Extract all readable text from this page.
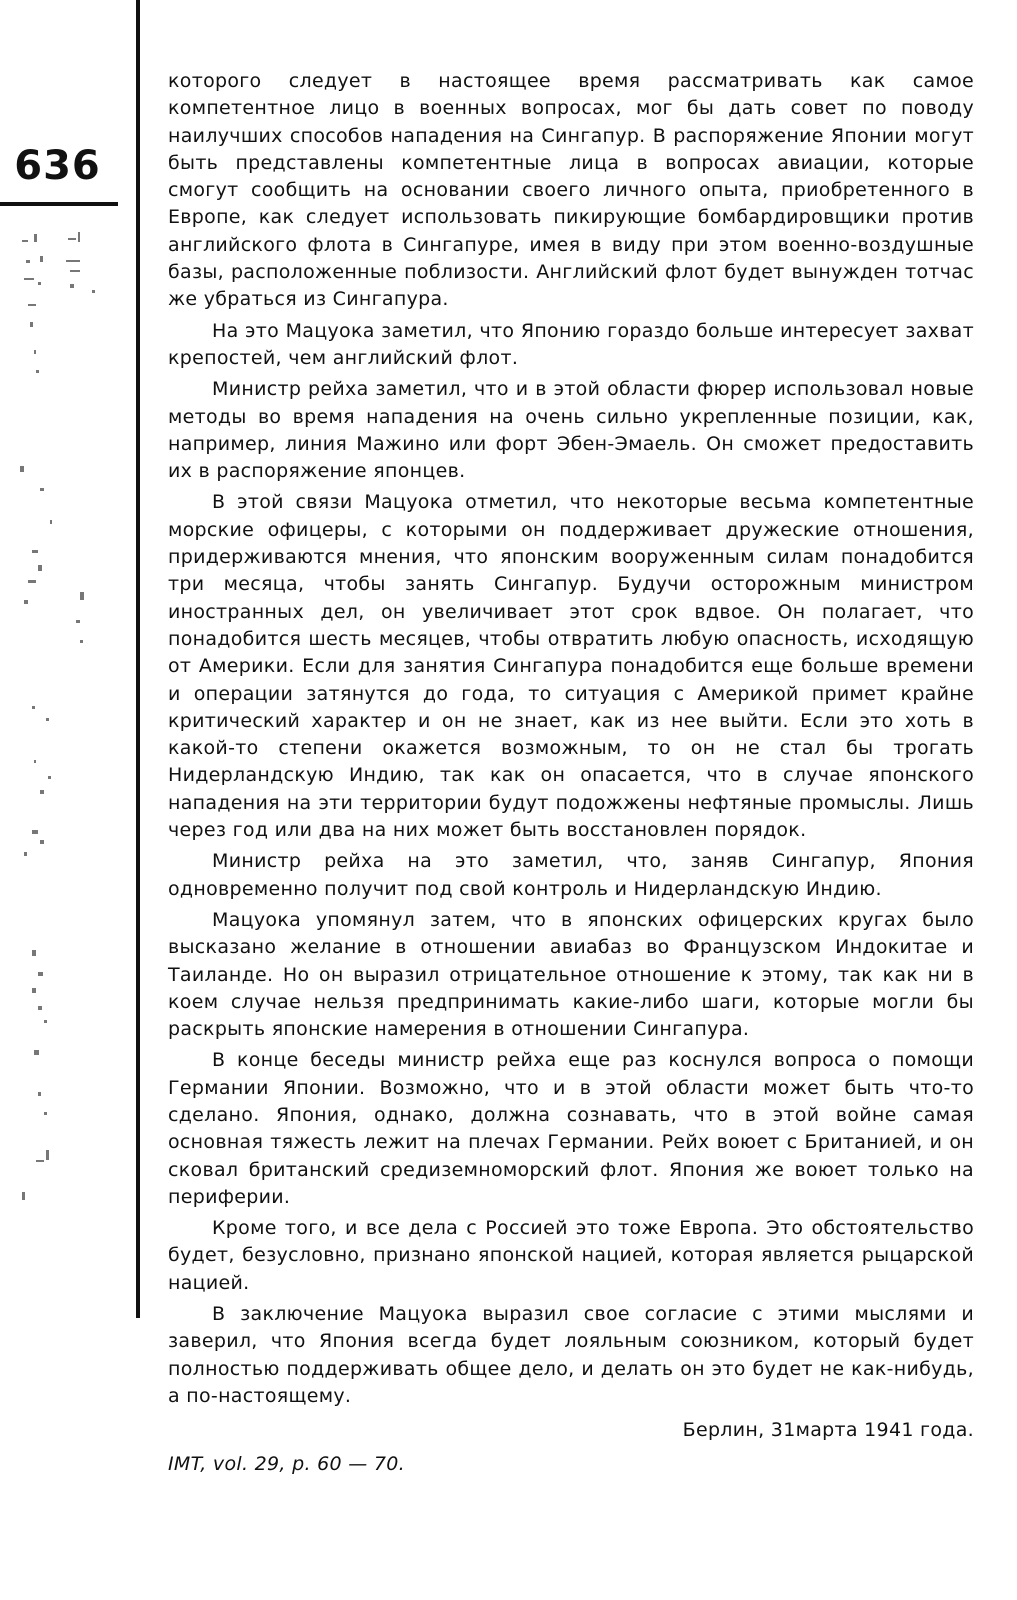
636

которого следует в настоящее время рассматривать как самое компетентное лицо в военных вопросах, мог бы дать совет по поводу наилучших способов нападения на Сингапур. В распоряжение Японии могут быть представлены компетентные лица в вопросах авиации, которые смогут сообщить на основании своего личного опыта, приобретенного в Европе, как следует использовать пикирующие бомбардировщики против английского флота в Сингапуре, имея в виду при этом военно-воздушные базы, расположенные поблизости. Английский флот будет вынужден тотчас же убраться из Сингапура.

На это Мацуока заметил, что Японию гораздо больше интересует захват крепостей, чем английский флот.

Министр рейха заметил, что и в этой области фюрер использовал новые методы во время нападения на очень сильно укрепленные позиции, как, например, линия Мажино или форт Эбен-Эмаель. Он сможет предоставить их в распоряжение японцев.

В этой связи Мацуока отметил, что некоторые весьма компетентные морские офицеры, с которыми он поддерживает дружеские отношения, придерживаются мнения, что японским вооруженным силам понадобится три месяца, чтобы занять Сингапур. Будучи осторожным министром иностранных дел, он увеличивает этот срок вдвое. Он полагает, что понадобится шесть месяцев, чтобы отвратить любую опасность, исходящую от Америки. Если для занятия Сингапура понадобится еще больше времени и операции затянутся до года, то ситуация с Америкой примет крайне критический характер и он не знает, как из нее выйти. Если это хоть в какой-то степени окажется возможным, то он не стал бы трогать Нидерландскую Индию, так как он опасается, что в случае японского нападения на эти территории будут подожжены нефтяные промыслы. Лишь через год или два на них может быть восстановлен порядок.

Министр рейха на это заметил, что, заняв Сингапур, Япония одновременно получит под свой контроль и Нидерландскую Индию.

Мацуока упомянул затем, что в японских офицерских кругах было высказано желание в отношении авиабаз во Французском Индокитае и Таиланде. Но он выразил отрицательное отношение к этому, так как ни в коем случае нельзя предпринимать какие-либо шаги, которые могли бы раскрыть японские намерения в отношении Сингапура.

В конце беседы министр рейха еще раз коснулся вопроса о помощи Германии Японии. Возможно, что и в этой области может быть что-то сделано. Япония, однако, должна сознавать, что в этой войне самая основная тяжесть лежит на плечах Германии. Рейх воюет с Британией, и он сковал британский средиземноморский флот. Япония же воюет только на периферии.

Кроме того, и все дела с Россией это тоже Европа. Это обстоятельство будет, безусловно, признано японской нацией, которая является рыцарской нацией.

В заключение Мацуока выразил свое согласие с этими мыслями и заверил, что Япония всегда будет лояльным союзником, который будет полностью поддерживать общее дело, и делать он это будет не как-нибудь, а по-настоящему.

Берлин, 31марта 1941 года.
IMT, vol. 29, p. 60 — 70.
